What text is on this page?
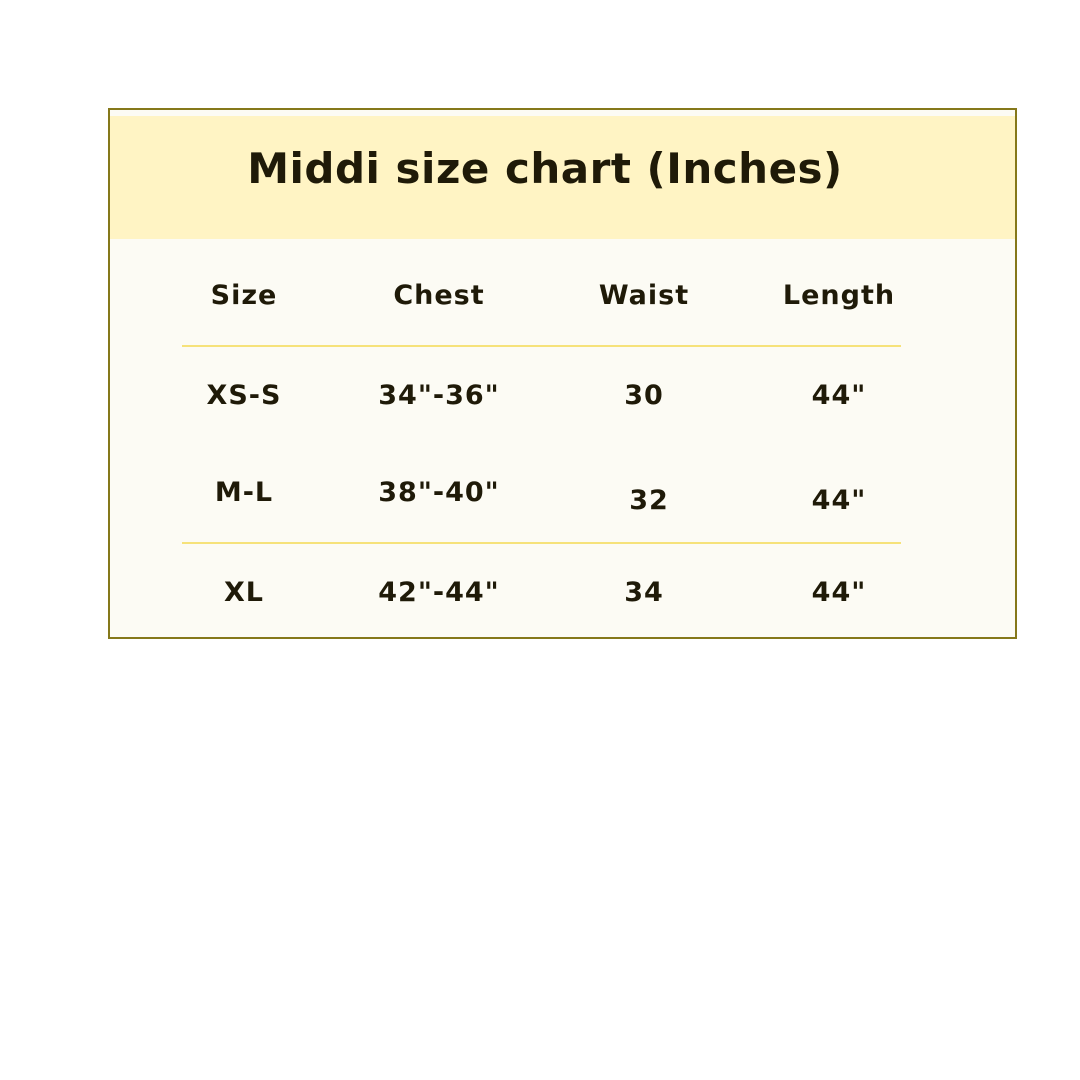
Middi size chart (Inches)
Size	Chest	Waist	Length
XS-S	34"-36"	30	44"
M-L	38"-40"	32	44"
XL	42"-44"	34	44"
